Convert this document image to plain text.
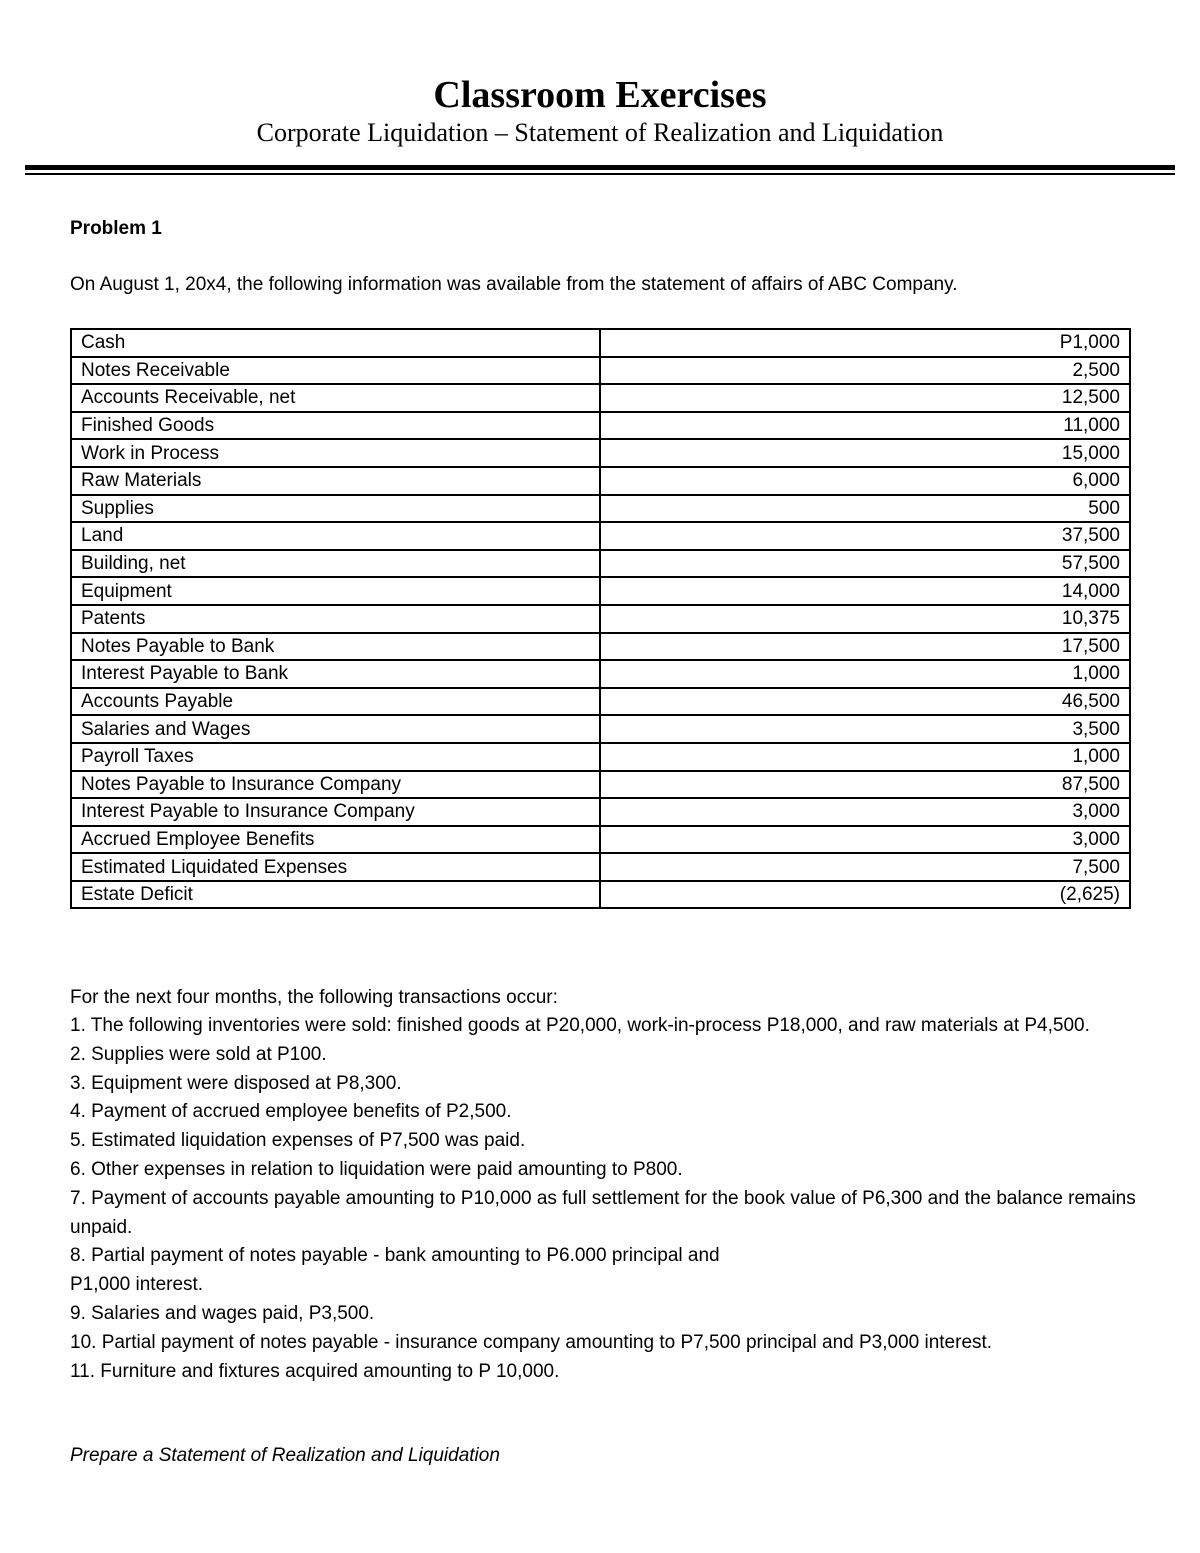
Classroom Exercises
Corporate Liquidation – Statement of Realization and Liquidation
Problem 1
On August 1, 20x4, the following information was available from the statement of affairs of ABC Company.
Cash	P1,000
Notes Receivable	2,500
Accounts Receivable, net	12,500
Finished Goods	11,000
Work in Process	15,000
Raw Materials	6,000
Supplies	500
Land	37,500
Building, net	57,500
Equipment	14,000
Patents	10,375
Notes Payable to Bank	17,500
Interest Payable to Bank	1,000
Accounts Payable	46,500
Salaries and Wages	3,500
Payroll Taxes	1,000
Notes Payable to Insurance Company	87,500
Interest Payable to Insurance Company	3,000
Accrued Employee Benefits	3,000
Estimated Liquidated Expenses	7,500
Estate Deficit	(2,625)
For the next four months, the following transactions occur:
1. The following inventories were sold: finished goods at P20,000, work-in-process P18,000, and raw materials at P4,500.
2. Supplies were sold at P100.
3. Equipment were disposed at P8,300.
4. Payment of accrued employee benefits of P2,500.
5. Estimated liquidation expenses of P7,500 was paid.
6. Other expenses in relation to liquidation were paid amounting to P800.
7. Payment of accounts payable amounting to P10,000 as full settlement for the book value of P6,300 and the balance remains unpaid.
8. Partial payment of notes payable - bank amounting to P6.000 principal and
P1,000 interest.
9. Salaries and wages paid, P3,500.
10. Partial payment of notes payable - insurance company amounting to P7,500 principal and P3,000 interest.
11. Furniture and fixtures acquired amounting to P 10,000.
Prepare a Statement of Realization and Liquidation
